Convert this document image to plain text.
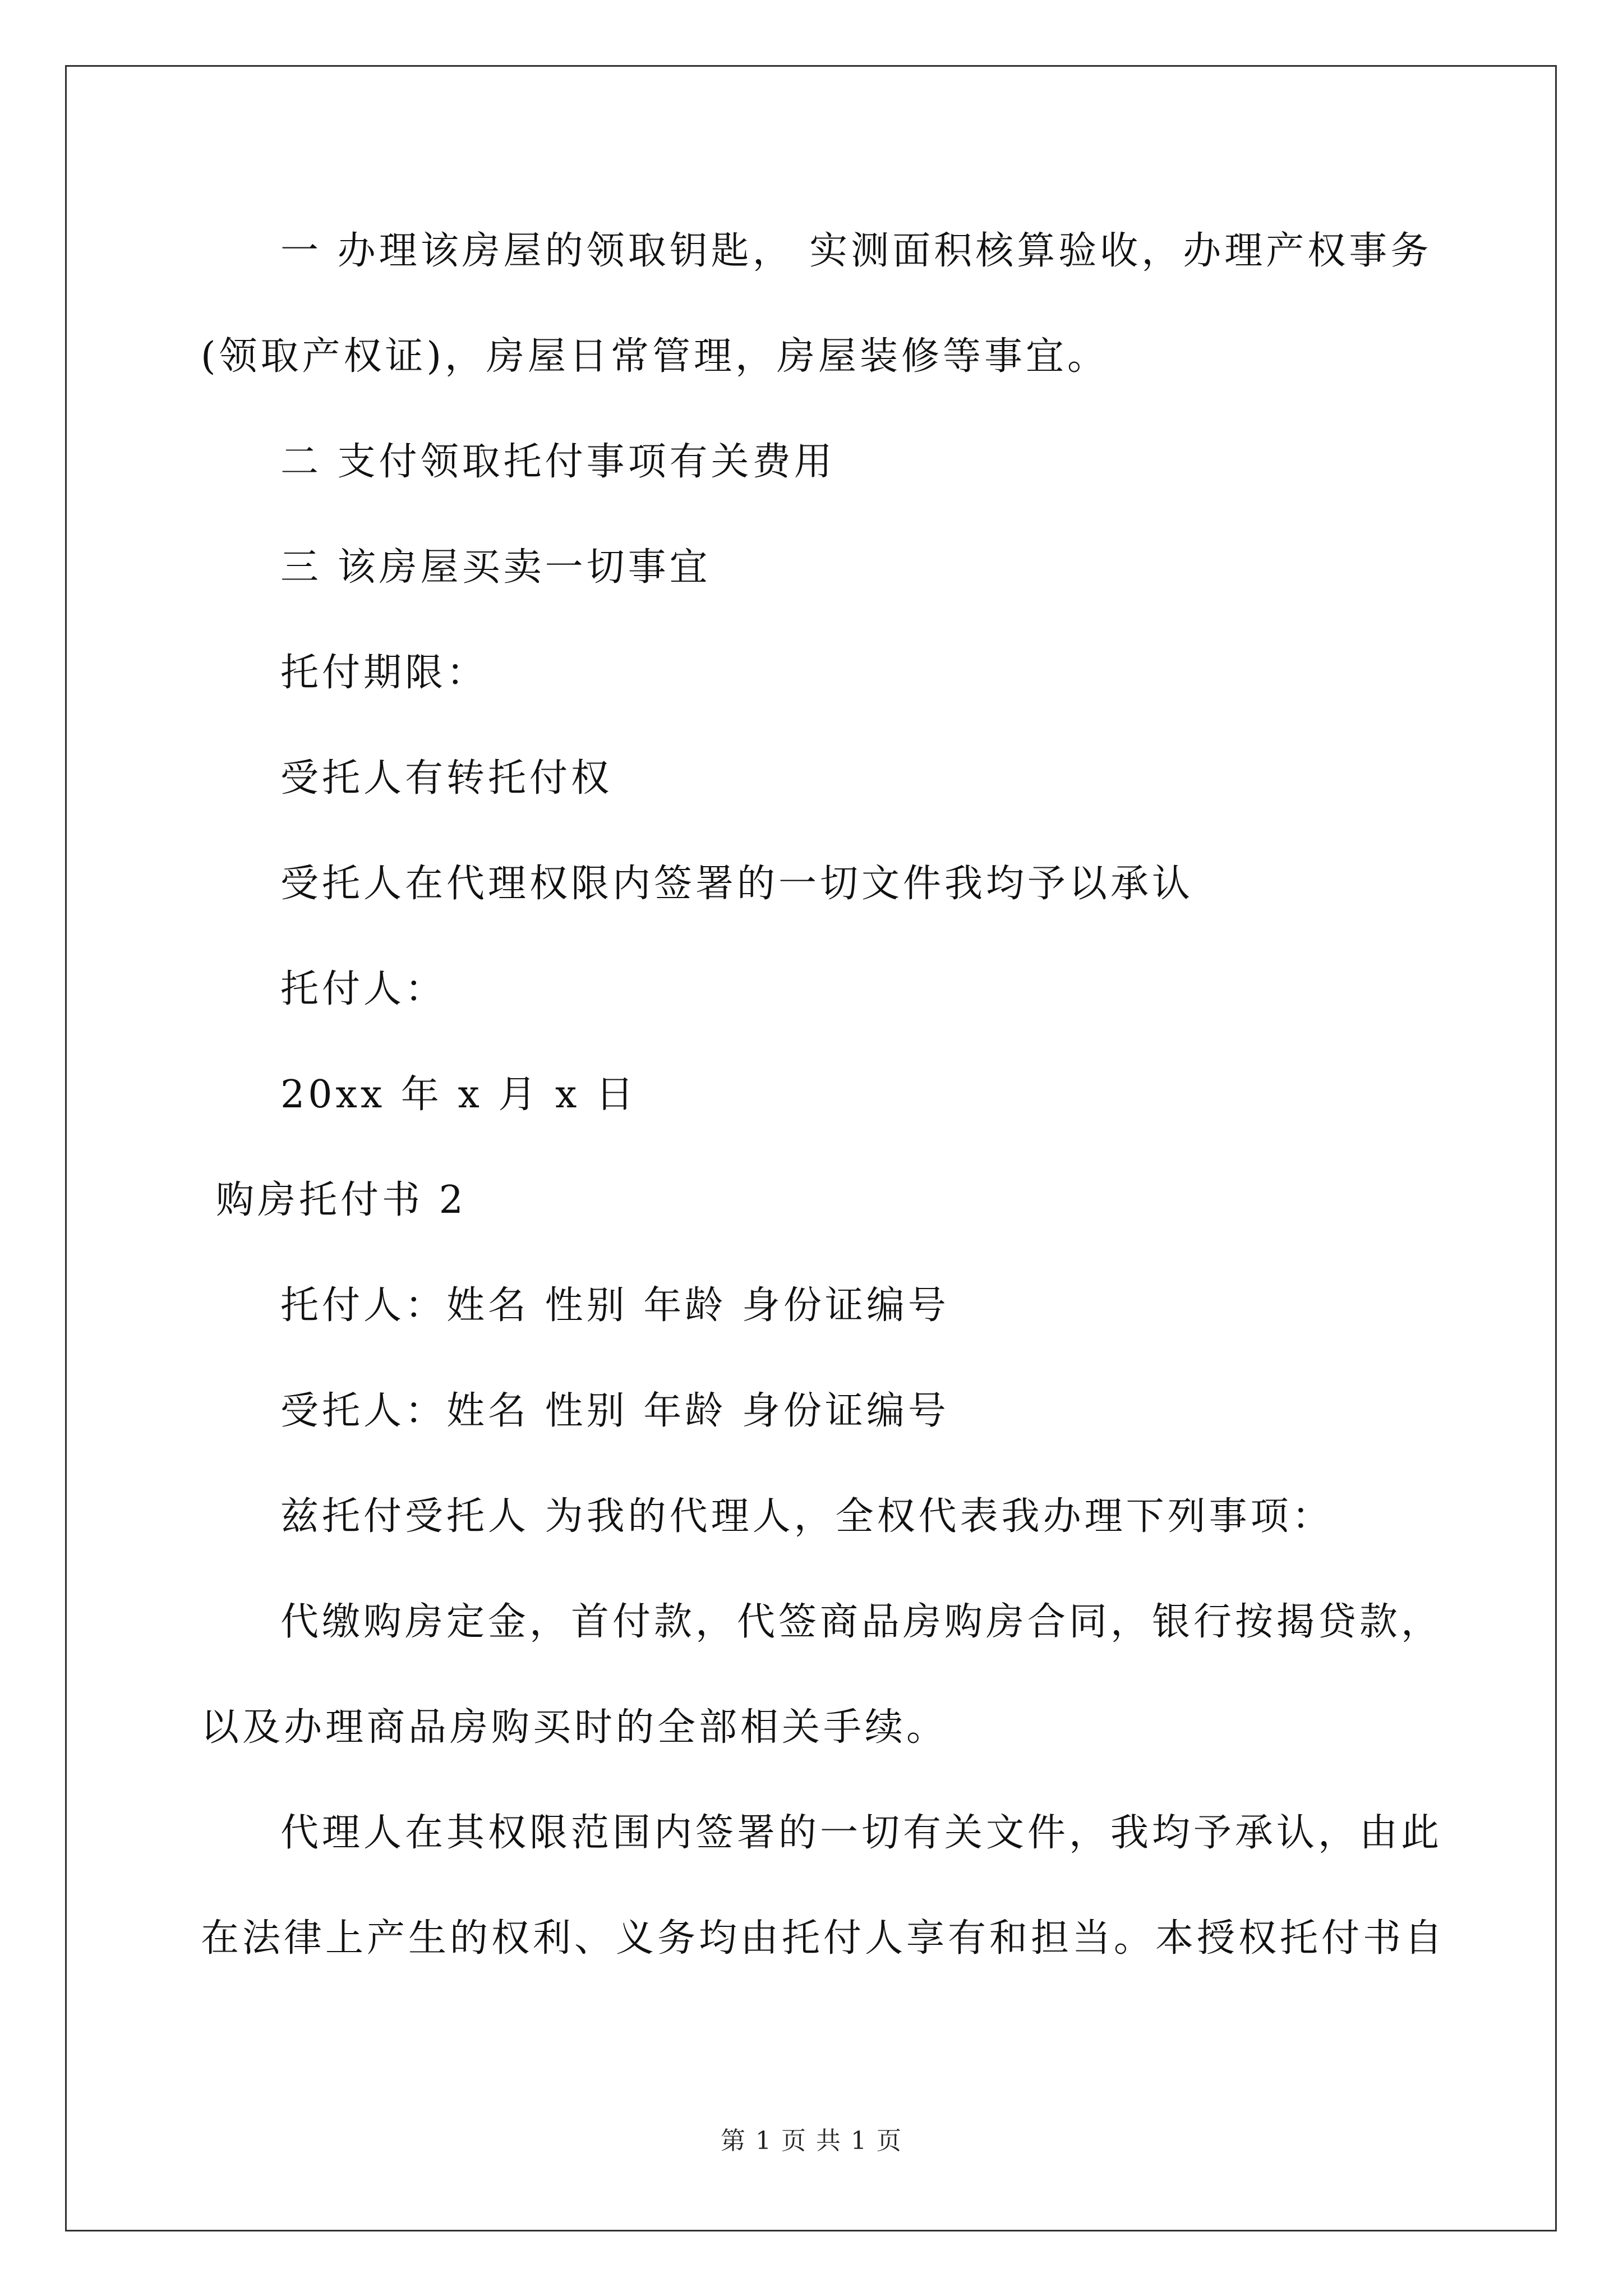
一 办理该房屋的领取钥匙， 实测面积核算验收，办理产权事务
(领取产权证)，房屋日常管理，房屋装修等事宜。
二 支付领取托付事项有关费用
三 该房屋买卖一切事宜
托付期限：
受托人有转托付权
受托人在代理权限内签署的一切文件我均予以承认
托付人：
20xx 年 x 月 x 日
购房托付书 2
托付人：姓名 性别 年龄 身份证编号
受托人：姓名 性别 年龄 身份证编号
兹托付受托人 为我的代理人，全权代表我办理下列事项：
代缴购房定金，首付款，代签商品房购房合同，银行按揭贷款，
以及办理商品房购买时的全部相关手续。
代理人在其权限范围内签署的一切有关文件，我均予承认，由此
在法律上产生的权利、义务均由托付人享有和担当。本授权托付书自
第 1 页 共 1 页
